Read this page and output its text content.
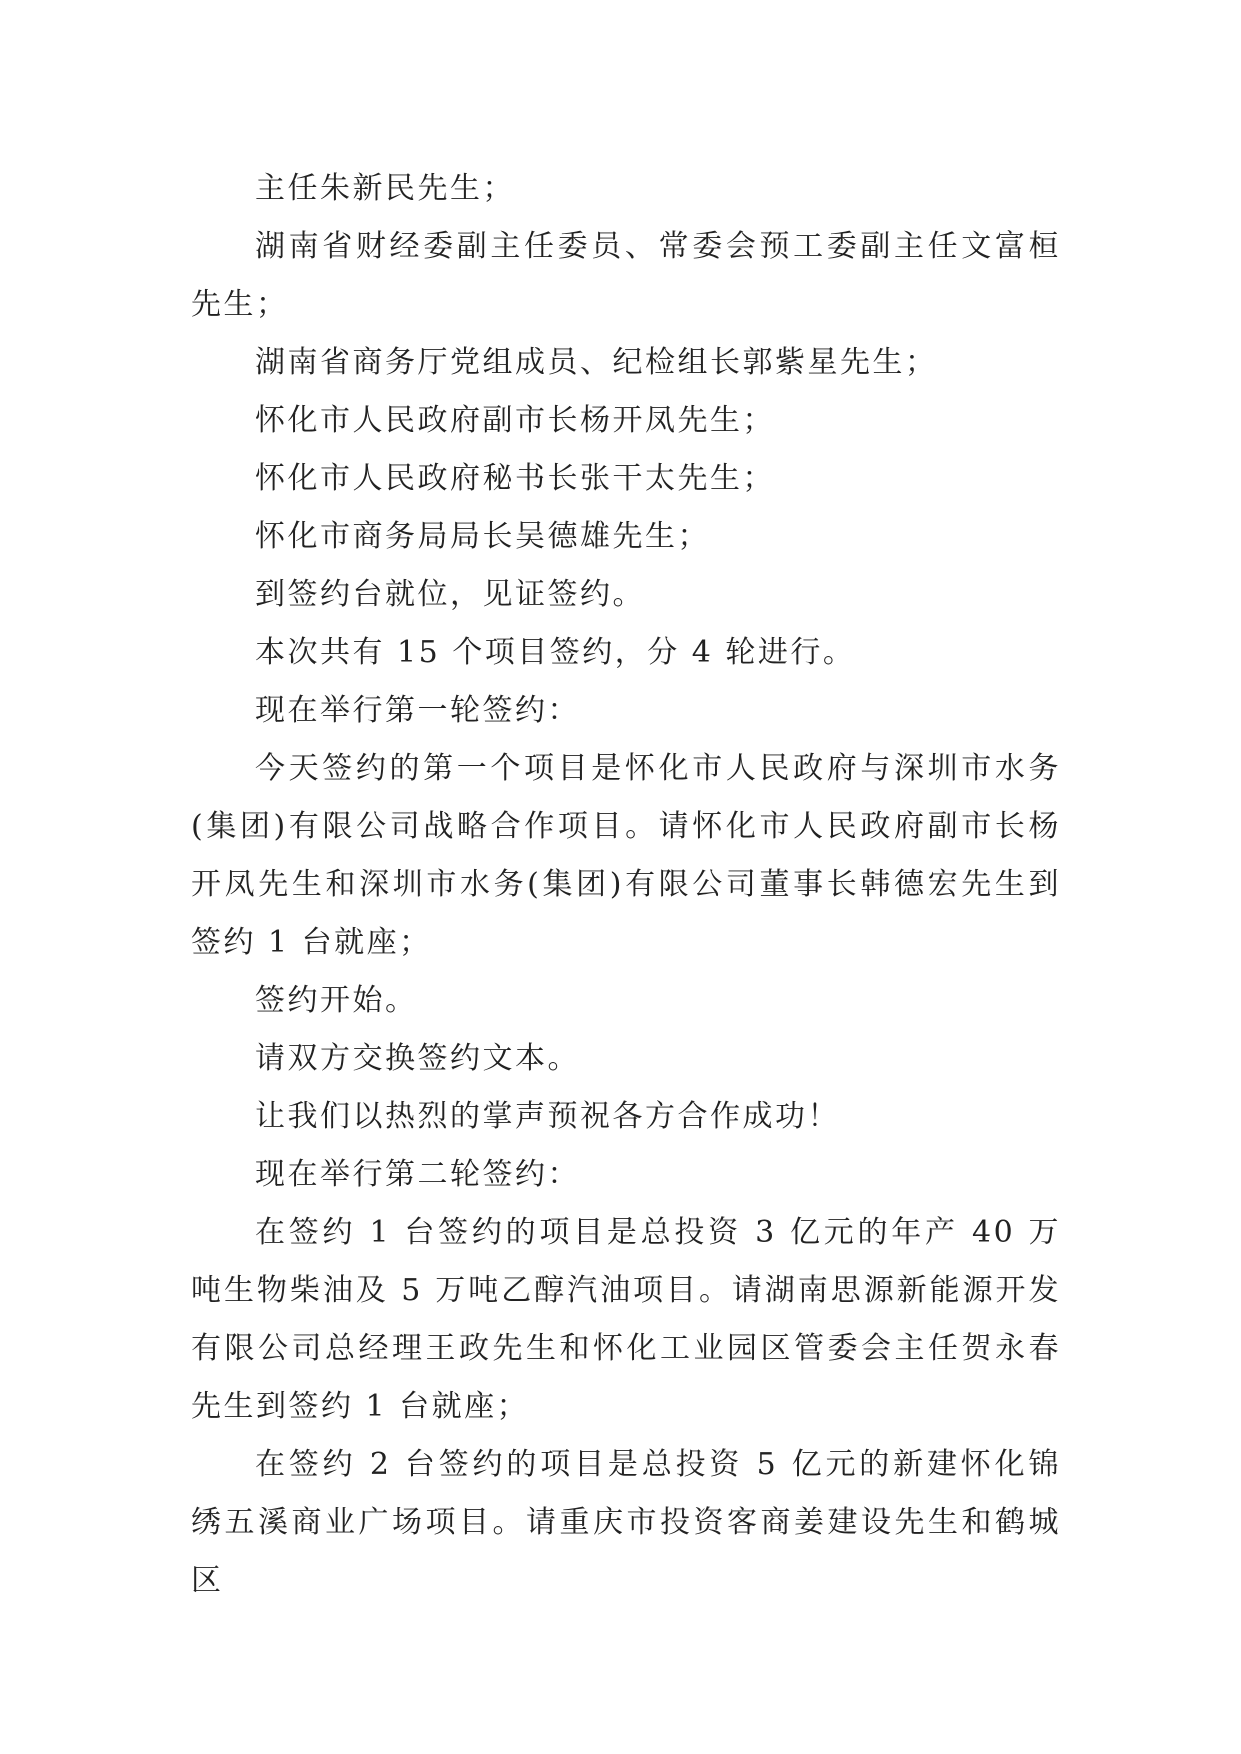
主任朱新民先生；

湖南省财经委副主任委员、常委会预工委副主任文富桓先生；

湖南省商务厅党组成员、纪检组长郭紫星先生；

怀化市人民政府副市长杨开凤先生；

怀化市人民政府秘书长张干太先生；

怀化市商务局局长吴德雄先生；

到签约台就位，见证签约。

本次共有 15 个项目签约，分 4 轮进行。

现在举行第一轮签约：

今天签约的第一个项目是怀化市人民政府与深圳市水务(集团)有限公司战略合作项目。请怀化市人民政府副市长杨开凤先生和深圳市水务(集团)有限公司董事长韩德宏先生到签约 1 台就座；

签约开始。

请双方交换签约文本。

让我们以热烈的掌声预祝各方合作成功！

现在举行第二轮签约：

在签约 1 台签约的项目是总投资 3 亿元的年产 40 万吨生物柴油及 5 万吨乙醇汽油项目。请湖南思源新能源开发有限公司总经理王政先生和怀化工业园区管委会主任贺永春先生到签约 1 台就座；

在签约 2 台签约的项目是总投资 5 亿元的新建怀化锦绣五溪商业广场项目。请重庆市投资客商姜建设先生和鹤城区
